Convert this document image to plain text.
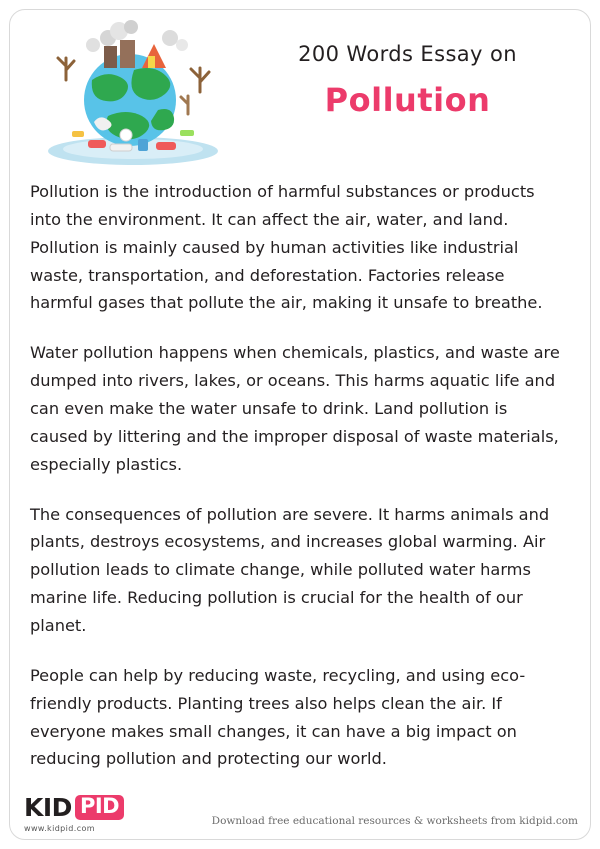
200 Words Essay on
Pollution

Pollution is the introduction of harmful substances or products into the environment. It can affect the air, water, and land. Pollution is mainly caused by human activities like industrial waste, transportation, and deforestation. Factories release harmful gases that pollute the air, making it unsafe to breathe.

Water pollution happens when chemicals, plastics, and waste are dumped into rivers, lakes, or oceans. This harms aquatic life and can even make the water unsafe to drink. Land pollution is caused by littering and the improper disposal of waste materials, especially plastics.

The consequences of pollution are severe. It harms animals and plants, destroys ecosystems, and increases global warming. Air pollution leads to climate change, while polluted water harms marine life. Reducing pollution is crucial for the health of our planet.

People can help by reducing waste, recycling, and using eco-friendly products. Planting trees also helps clean the air. If everyone makes small changes, it can have a big impact on reducing pollution and protecting our world.

KID PID
www.kidpid.com
Download free educational resources & worksheets from kidpid.com
